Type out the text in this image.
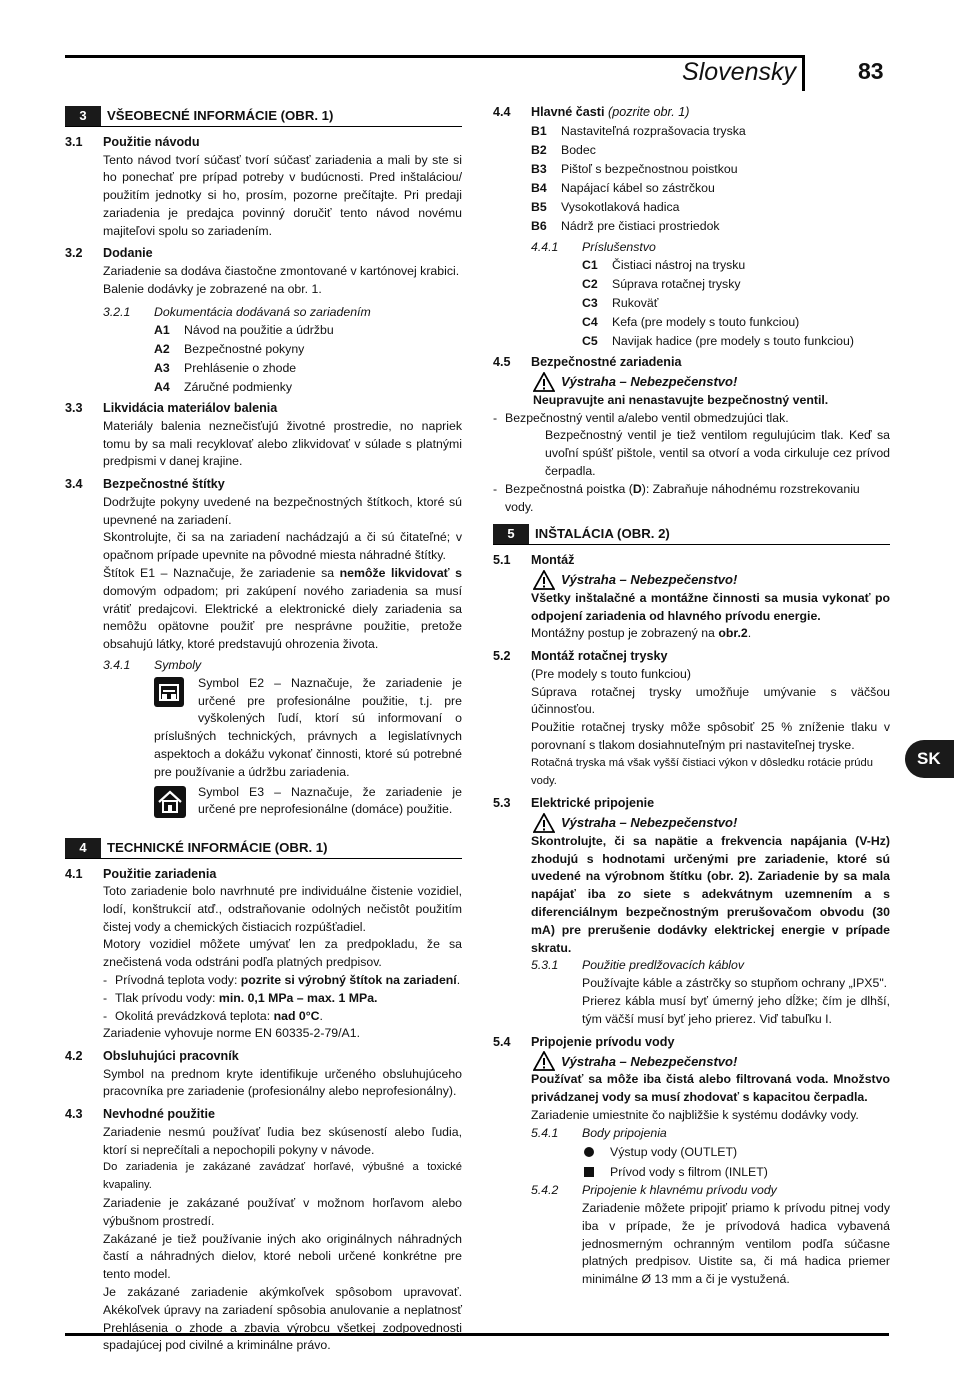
Slovensky	83
SK
3	VŠEOBECNÉ INFORMÁCIE (OBR. 1)
3.1	Použitie návodu
Tento návod tvorí súčasť tvorí súčasť zariadenia a mali by ste si ho ponechať pre prípad potreby v budúcnosti. Pred inštaláciou/ použitím jednotky si ho, prosím, pozorne prečítajte. Pri predaji zariadenia je predajca povinný doručiť tento návod novému majiteľovi spolu so zariadením.
3.2	Dodanie
Zariadenie sa dodáva čiastočne zmontované v kartónovej krabici.
Balenie dodávky je zobrazené na obr. 1.
3.2.1	Dokumentácia dodávaná so zariadením
A1	Návod na použitie a údržbu
A2	Bezpečnostné pokyny
A3	Prehlásenie o zhode
A4	Záručné podmienky
3.3	Likvidácia materiálov balenia
Materiály balenia neznečisťujú životné prostredie, no napriek tomu by sa mali recyklovať alebo zlikvidovať v súlade s platnými predpismi v danej krajine.
3.4	Bezpečnostné štítky
Dodržujte pokyny uvedené na bezpečnostných štítkoch, ktoré sú upevnené na zariadení.
Skontrolujte, či sa na zariadení nachádzajú a či sú čitateľné; v opačnom prípade upevnite na pôvodné miesta náhradné štítky.
Štítok E1 – Naznačuje, že zariadenie sa nemôže likvidovať s domovým odpadom; pri zakúpení nového zariadenia sa musí vrátiť predajcovi. Elektrické a elektronické diely zariadenia sa nemôžu opätovne použiť pre nesprávne použitie, pretože obsahujú látky, ktoré predstavujú ohrozenia života.
3.4.1	Symboly
Symbol E2 – Naznačuje, že zariadenie je určené pre profesionálne použitie, t.j. pre vyškolených ľudí, ktorí sú informovaní o príslušných technických, právnych a legislatívnych aspektoch a dokážu vykonať činnosti, ktoré sú potrebné pre používanie a údržbu zariadenia.
Symbol E3 – Naznačuje, že zariadenie je určené pre neprofesionálne (domáce) použitie.
4	TECHNICKÉ INFORMÁCIE (OBR. 1)
4.1	Použitie zariadenia
Toto zariadenie bolo navrhnuté pre individuálne čistenie vozidiel, lodí, konštrukcií atď., odstraňovanie odolných nečistôt použitím čistej vody a chemických čistiacich rozpúšťadiel.
Motory vozidiel môžete umývať len za predpokladu, že sa znečistená voda odstráni podľa platných predpisov.
- Prívodná teplota vody: pozrite si výrobný štítok na zariadení.
- Tlak prívodu vody: min. 0,1 MPa – max. 1 MPa.
- Okolitá prevádzková teplota: nad 0°C.
Zariadenie vyhovuje norme EN 60335-2-79/A1.
4.2	Obsluhujúci pracovník
Symbol na prednom kryte identifikuje určeného obsluhujúceho pracovníka pre zariadenie (profesionálny alebo neprofesionálny).
4.3	Nevhodné použitie
Zariadenie nesmú používať ľudia bez skúseností alebo ľudia, ktorí si neprečítali a nepochopili pokyny v návode.
Do zariadenia je zakázané zavádzať horľavé, výbušné a toxické kvapaliny.
Zariadenie je zakázané používať v možnom horľavom alebo výbušnom prostredí.
Zakázané je tiež používanie iných ako originálnych náhradných častí a náhradných dielov, ktoré neboli určené konkrétne pre tento model.
Je zakázané zariadenie akýmkoľvek spôsobom upravovať. Akékoľvek úpravy na zariadení spôsobia anulovanie a neplatnosť Prehlásenia o zhode a zbavia výrobcu všetkej zodpovednosti spadajúcej pod civilné a kriminálne právo.
4.4	Hlavné časti (pozrite obr. 1)
B1	Nastaviteľná rozprašovacia tryska
B2	Bodec
B3	Pištoľ s bezpečnostnou poistkou
B4	Napájací kábel so zástrčkou
B5	Vysokotlaková hadica
B6	Nádrž pre čistiaci prostriedok
4.4.1	Príslušenstvo
C1	Čistiaci nástroj na trysku
C2	Súprava rotačnej trysky
C3	Rukoväť
C4	Kefa (pre modely s touto funkciou)
C5	Navijak hadice (pre modely s touto funkciou)
4.5	Bezpečnostné zariadenia
Výstraha – Nebezpečenstvo!
Neupravujte ani nenastavujte bezpečnostný ventil.
- Bezpečnostný ventil a/alebo ventil obmedzujúci tlak.
Bezpečnostný ventil je tiež ventilom regulujúcim tlak. Keď sa uvoľní spúšť pištole, ventil sa otvorí a voda cirkuluje cez prívod čerpadla.
- Bezpečnostná poistka (D): Zabraňuje náhodnému rozstrekovaniu vody.
5	INŠTALÁCIA (OBR. 2)
5.1	Montáž
Výstraha – Nebezpečenstvo!
Všetky inštalačné a montážne činnosti sa musia vykonať po odpojení zariadenia od hlavného prívodu energie.
Montážny postup je zobrazený na obr.2.
5.2	Montáž rotačnej trysky
(Pre modely s touto funkciou)
Súprava rotačnej trysky umožňuje umývanie s väčšou účinnosťou.
Použitie rotačnej trysky môže spôsobiť 25 % zníženie tlaku v porovnaní s tlakom dosiahnuteľným pri nastaviteľnej tryske.
Rotačná tryska má však vyšší čistiaci výkon v dôsledku rotácie prúdu vody.
5.3	Elektrické pripojenie
Výstraha – Nebezpečenstvo!
Skontrolujte, či sa napätie a frekvencia napájania (V-Hz) zhodujú s hodnotami určenými pre zariadenie, ktoré sú uvedené na výrobnom štítku (obr. 2). Zariadenie by sa mala napájať iba zo siete s adekvátnym uzemnením a s diferenciálnym bezpečnostným prerušovačom obvodu (30 mA) pre prerušenie dodávky elektrickej energie v prípade skratu.
5.3.1	Použitie predlžovacích káblov
Používajte káble a zástrčky so stupňom ochrany „IPX5".
Prierez kábla musí byť úmerný jeho dĺžke; čím je dlhší, tým väčší musí byť jeho prierez. Viď tabuľku I.
5.4	Pripojenie prívodu vody
Výstraha – Nebezpečenstvo!
Používať sa môže iba čistá alebo filtrovaná voda. Množstvo privádzanej vody sa musí zhodovať s kapacitou čerpadla.
Zariadenie umiestnite čo najbližšie k systému dodávky vody.
5.4.1	Body pripojenia
Výstup vody (OUTLET)
Prívod vody s filtrom (INLET)
5.4.2	Pripojenie k hlavnému prívodu vody
Zariadenie môžete pripojiť priamo k prívodu pitnej vody iba v prípade, že je prívodová hadica vybavená jednosmerným ochranným ventilom podľa súčasne platných predpisov. Uistite sa, či má hadica priemer minimálne Ø 13 mm a či je vystužená.
